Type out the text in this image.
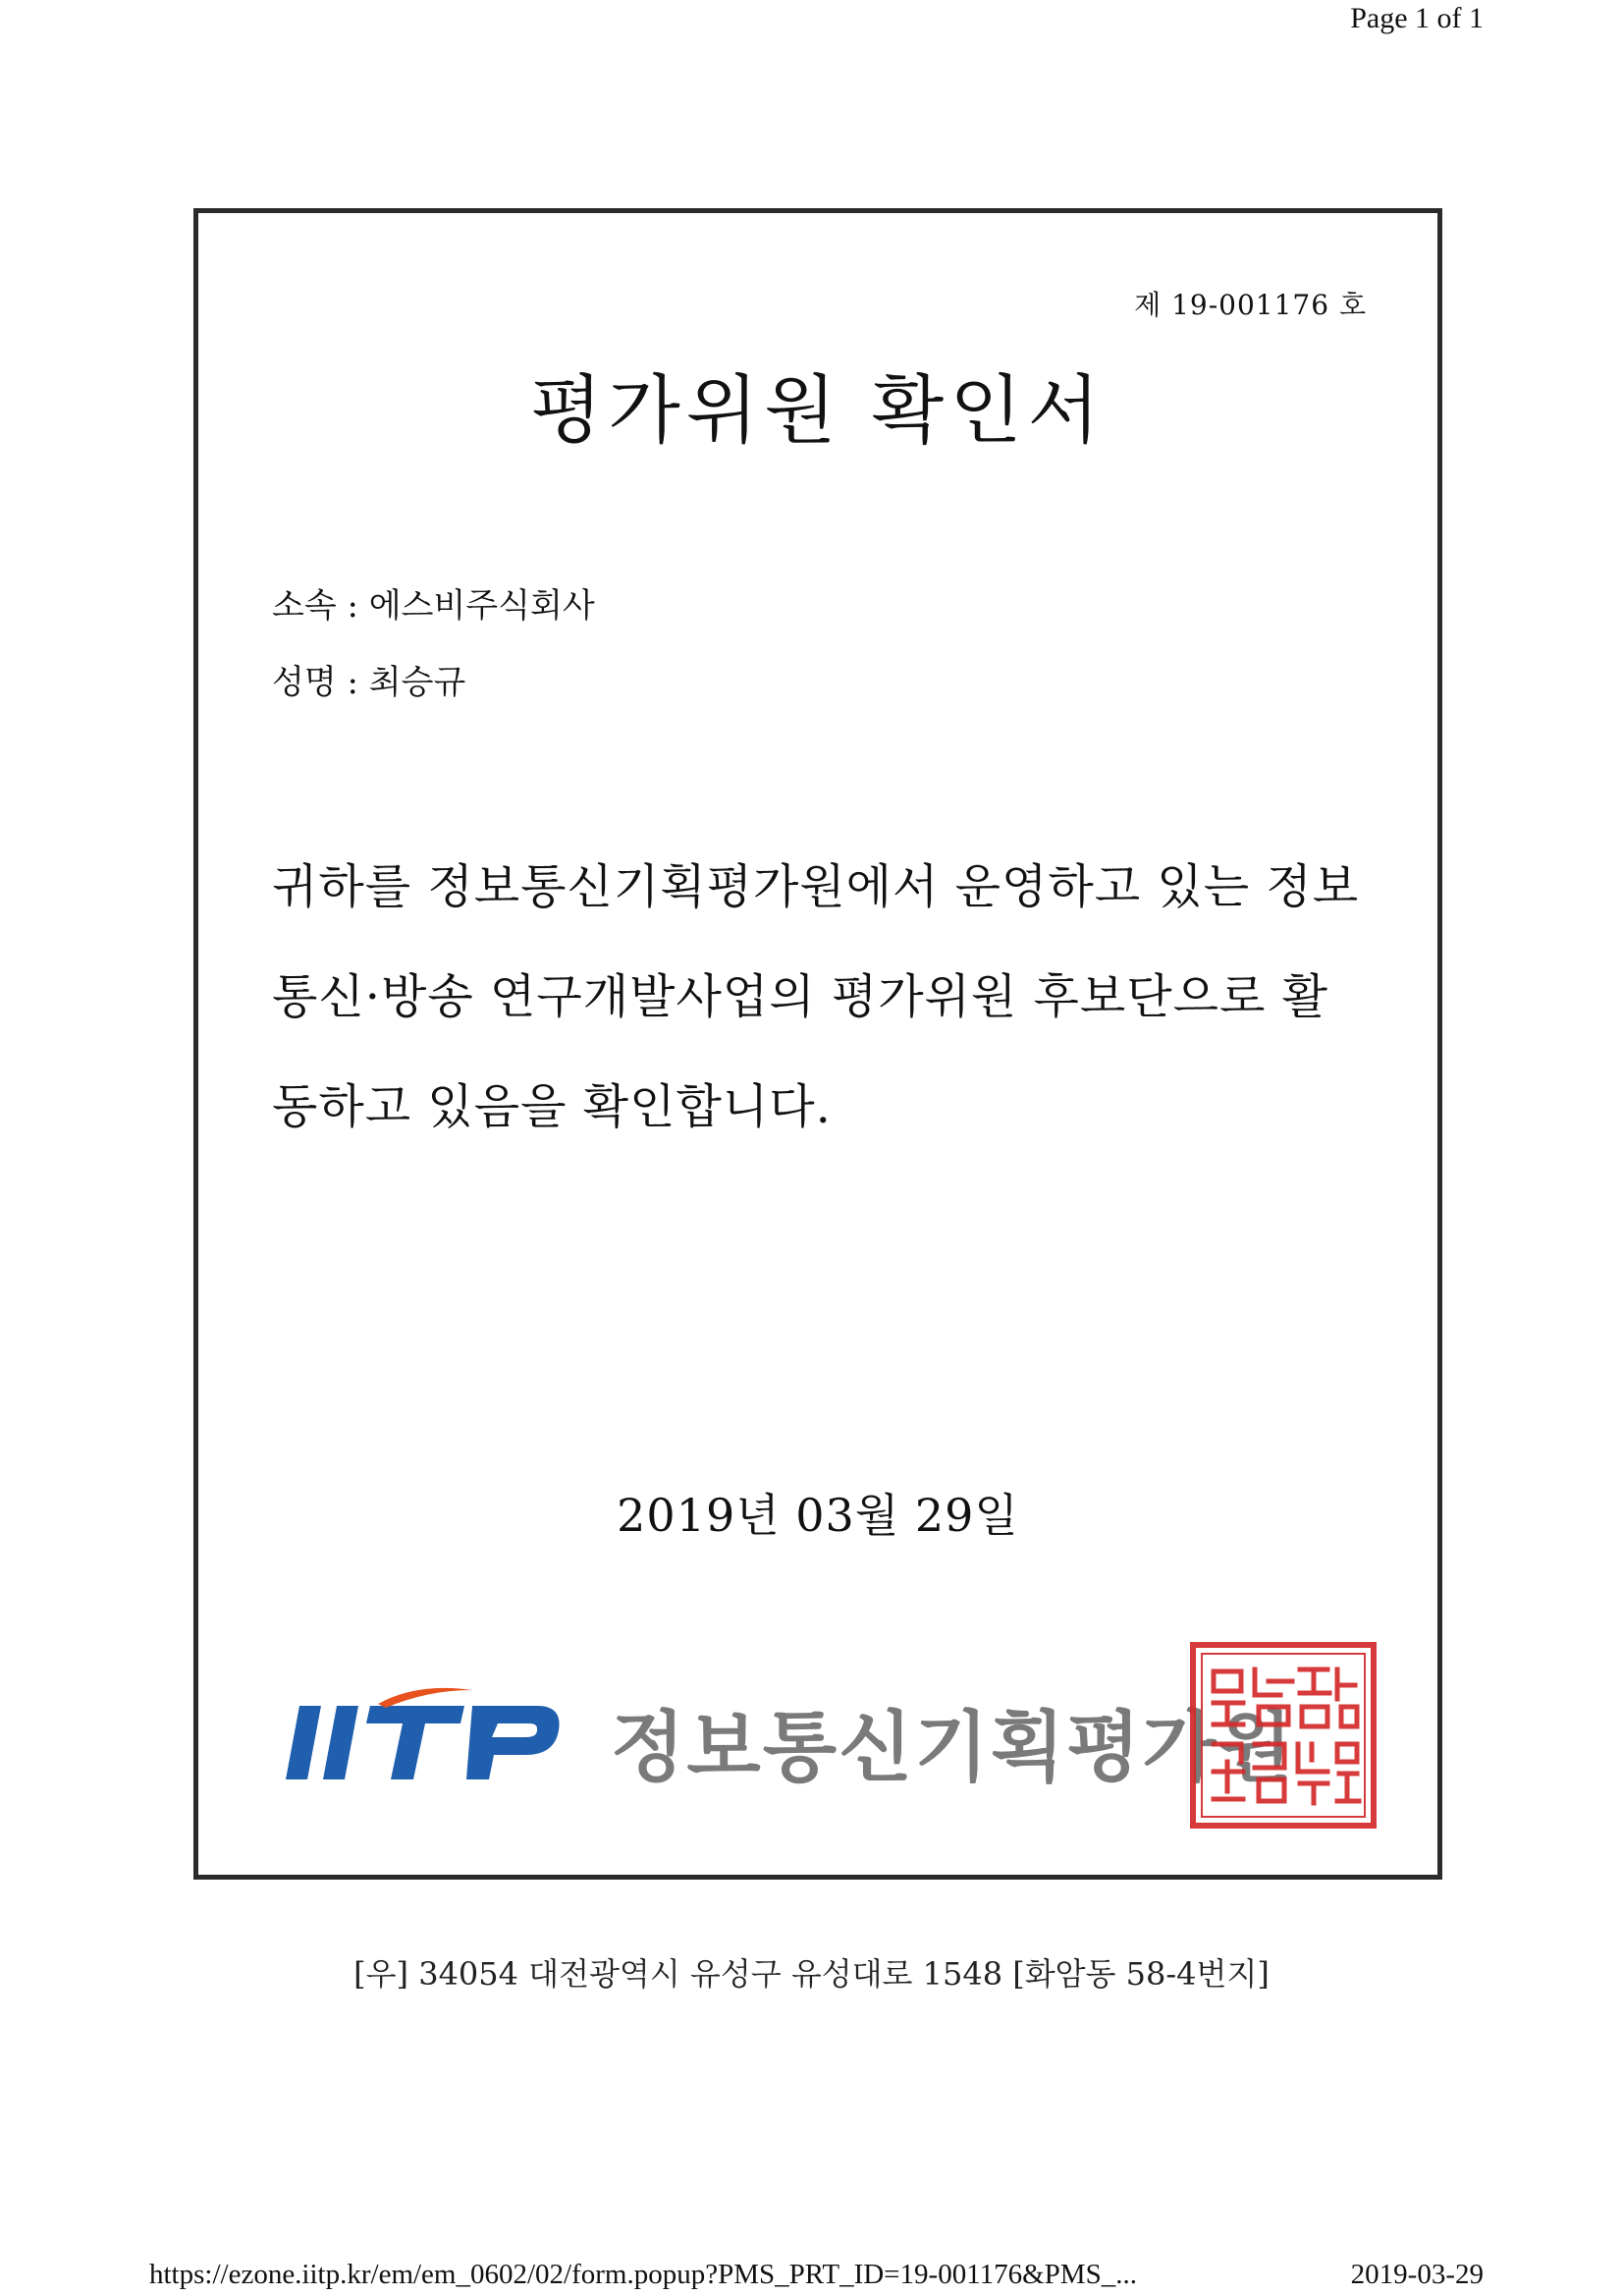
Page 1 of 1
제 19-001176 호
평가위원 확인서
소속 : 에스비주식회사
성명 : 최승규
귀하를 정보통신기획평가원에서 운영하고 있는 정보
통신·방송 연구개발사업의 평가위원 후보단으로 활
동하고 있음을 확인합니다.
2019년 03월 29일
정보통신기획평가원
[우] 34054 대전광역시 유성구 유성대로 1548 [화암동 58-4번지]
https://ezone.iitp.kr/em/em_0602/02/form.popup?PMS_PRT_ID=19-001176&PMS_...	2019-03-29
